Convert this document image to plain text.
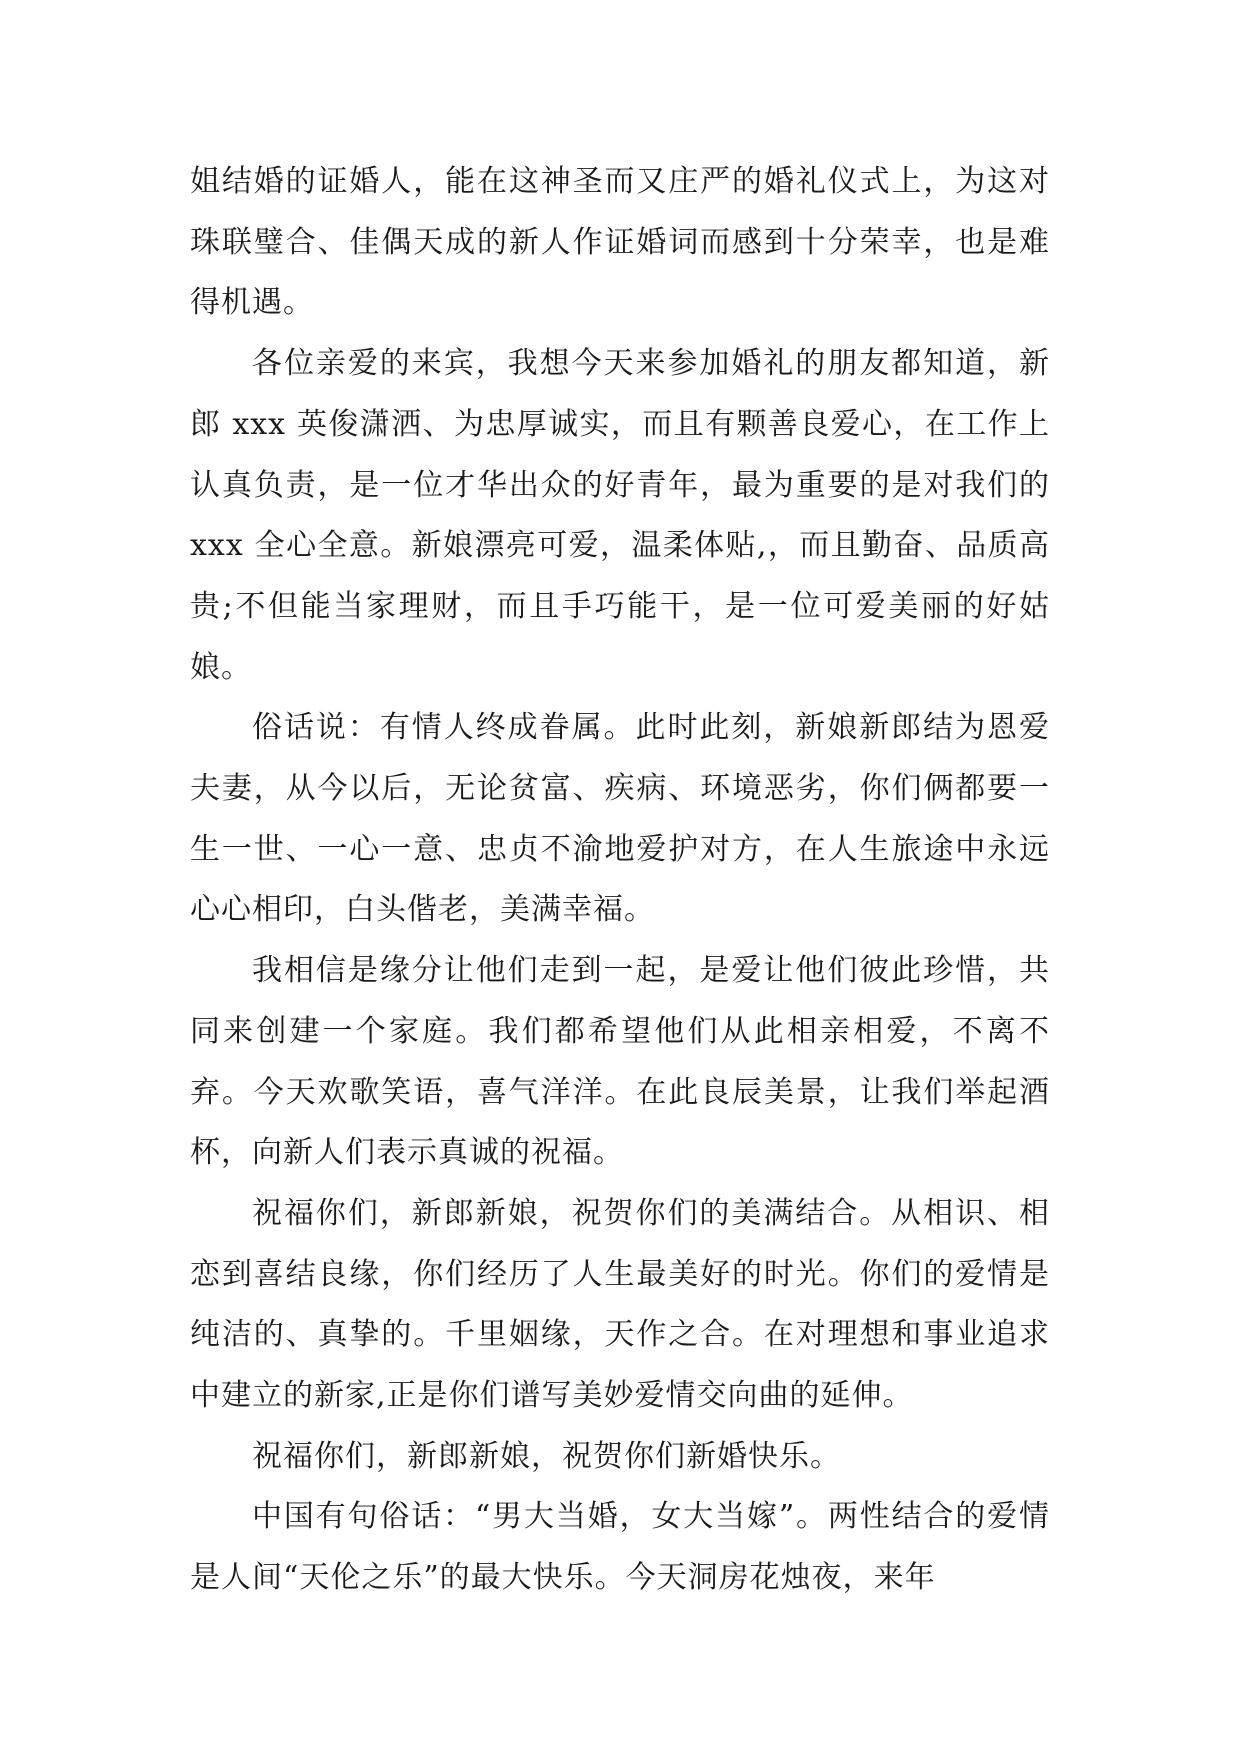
姐结婚的证婚人，能在这神圣而又庄严的婚礼仪式上，为这对珠联璧合、佳偶天成的新人作证婚词而感到十分荣幸，也是难得机遇。

各位亲爱的来宾，我想今天来参加婚礼的朋友都知道，新郎 xxx 英俊潇洒、为忠厚诚实，而且有颗善良爱心，在工作上认真负责，是一位才华出众的好青年，最为重要的是对我们的 xxx 全心全意。新娘漂亮可爱，温柔体贴,，而且勤奋、品质高贵;不但能当家理财，而且手巧能干，是一位可爱美丽的好姑娘。

俗话说：有情人终成眷属。此时此刻，新娘新郎结为恩爱夫妻，从今以后，无论贫富、疾病、环境恶劣，你们俩都要一生一世、一心一意、忠贞不渝地爱护对方，在人生旅途中永远心心相印，白头偕老，美满幸福。

我相信是缘分让他们走到一起，是爱让他们彼此珍惜，共同来创建一个家庭。我们都希望他们从此相亲相爱，不离不弃。今天欢歌笑语，喜气洋洋。在此良辰美景，让我们举起酒杯，向新人们表示真诚的祝福。

祝福你们，新郎新娘，祝贺你们的美满结合。从相识、相恋到喜结良缘，你们经历了人生最美好的时光。你们的爱情是纯洁的、真挚的。千里姻缘，天作之合。在对理想和事业追求中建立的新家,正是你们谱写美妙爱情交向曲的延伸。

祝福你们，新郎新娘，祝贺你们新婚快乐。

中国有句俗话：“男大当婚，女大当嫁”。两性结合的爱情是人间“天伦之乐”的最大快乐。今天洞房花烛夜，来年
